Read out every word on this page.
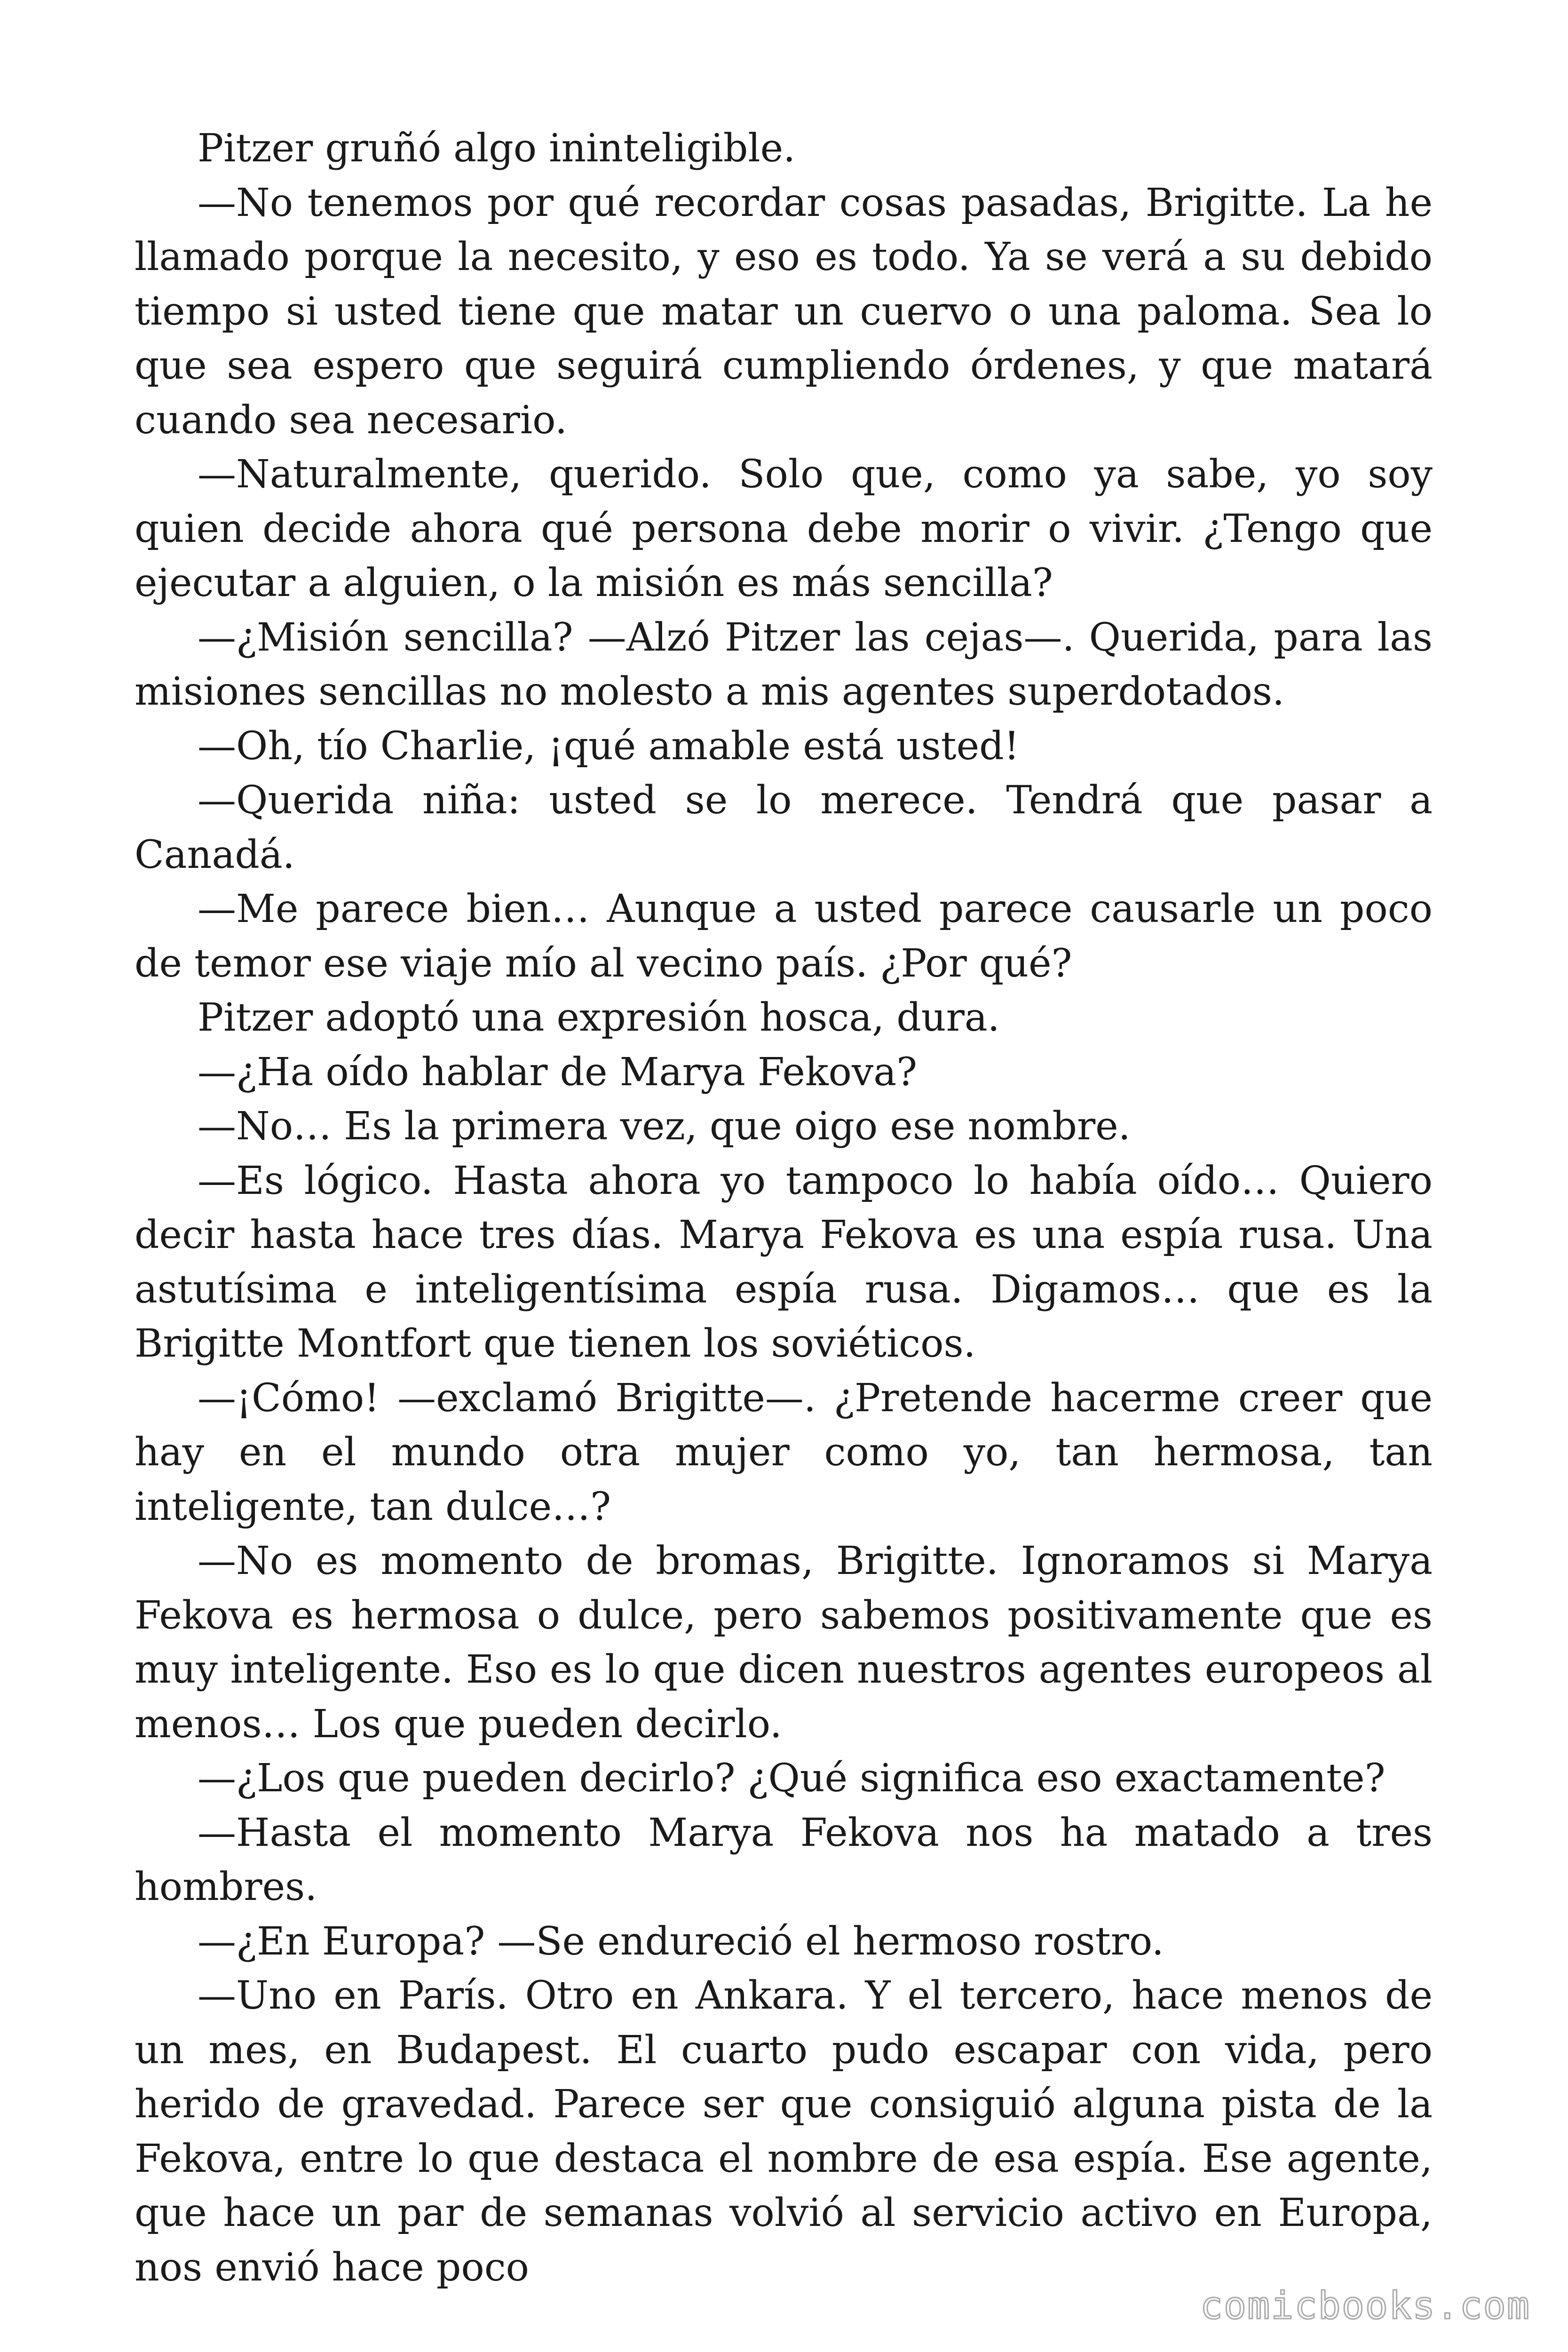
Pitzer gruñó algo ininteligible.

—No tenemos por qué recordar cosas pasadas, Brigitte. La he llamado porque la necesito, y eso es todo. Ya se verá a su debido tiempo si usted tiene que matar un cuervo o una paloma. Sea lo que sea espero que seguirá cumpliendo órdenes, y que matará cuando sea necesario.

—Naturalmente, querido. Solo que, como ya sabe, yo soy quien decide ahora qué persona debe morir o vivir. ¿Tengo que ejecutar a alguien, o la misión es más sencilla?

—¿Misión sencilla? —Alzó Pitzer las cejas—. Querida, para las misiones sencillas no molesto a mis agentes superdotados.

—Oh, tío Charlie, ¡qué amable está usted!

—Querida niña: usted se lo merece. Tendrá que pasar a Canadá.

—Me parece bien… Aunque a usted parece causarle un poco de temor ese viaje mío al vecino país. ¿Por qué?

Pitzer adoptó una expresión hosca, dura.

—¿Ha oído hablar de Marya Fekova?

—No… Es la primera vez, que oigo ese nombre.

—Es lógico. Hasta ahora yo tampoco lo había oído… Quiero decir hasta hace tres días. Marya Fekova es una espía rusa. Una astutísima e inteligentísima espía rusa. Digamos… que es la Brigitte Montfort que tienen los soviéticos.

—¡Cómo! —exclamó Brigitte—. ¿Pretende hacerme creer que hay en el mundo otra mujer como yo, tan hermosa, tan inteligente, tan dulce…?

—No es momento de bromas, Brigitte. Ignoramos si Marya Fekova es hermosa o dulce, pero sabemos positivamente que es muy inteligente. Eso es lo que dicen nuestros agentes europeos al menos… Los que pueden decirlo.

—¿Los que pueden decirlo? ¿Qué significa eso exactamente?

—Hasta el momento Marya Fekova nos ha matado a tres hombres.

—¿En Europa? —Se endureció el hermoso rostro.

—Uno en París. Otro en Ankara. Y el tercero, hace menos de un mes, en Budapest. El cuarto pudo escapar con vida, pero herido de gravedad. Parece ser que consiguió alguna pista de la Fekova, entre lo que destaca el nombre de esa espía. Ese agente, que hace un par de semanas volvió al servicio activo en Europa, nos envió hace poco

comicbooks.com
